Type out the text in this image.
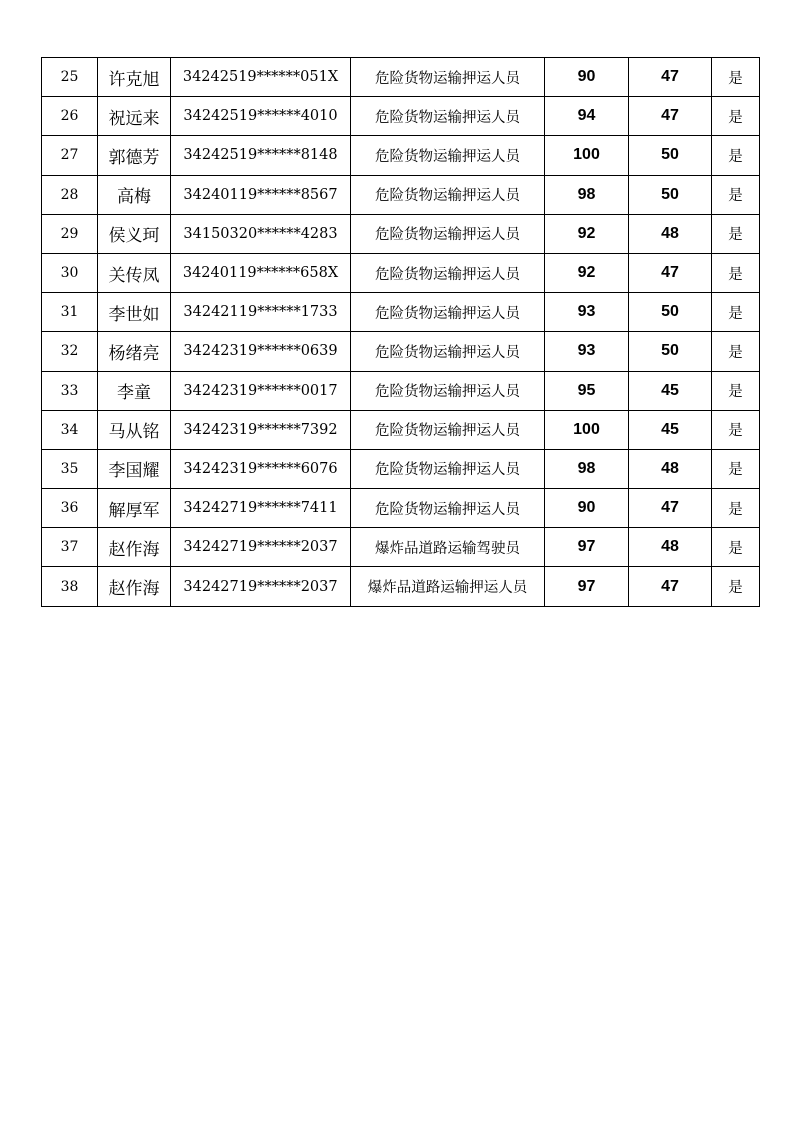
25	许克旭	34242519******051X	危险货物运输押运人员	90	47	是
26	祝远来	34242519******4010	危险货物运输押运人员	94	47	是
27	郭德芳	34242519******8148	危险货物运输押运人员	100	50	是
28	高梅	34240119******8567	危险货物运输押运人员	98	50	是
29	侯义珂	34150320******4283	危险货物运输押运人员	92	48	是
30	关传凤	34240119******658X	危险货物运输押运人员	92	47	是
31	李世如	34242119******1733	危险货物运输押运人员	93	50	是
32	杨绪亮	34242319******0639	危险货物运输押运人员	93	50	是
33	李童	34242319******0017	危险货物运输押运人员	95	45	是
34	马从铭	34242319******7392	危险货物运输押运人员	100	45	是
35	李国耀	34242319******6076	危险货物运输押运人员	98	48	是
36	解厚军	34242719******7411	危险货物运输押运人员	90	47	是
37	赵作海	34242719******2037	爆炸品道路运输驾驶员	97	48	是
38	赵作海	34242719******2037	爆炸品道路运输押运人员	97	47	是
